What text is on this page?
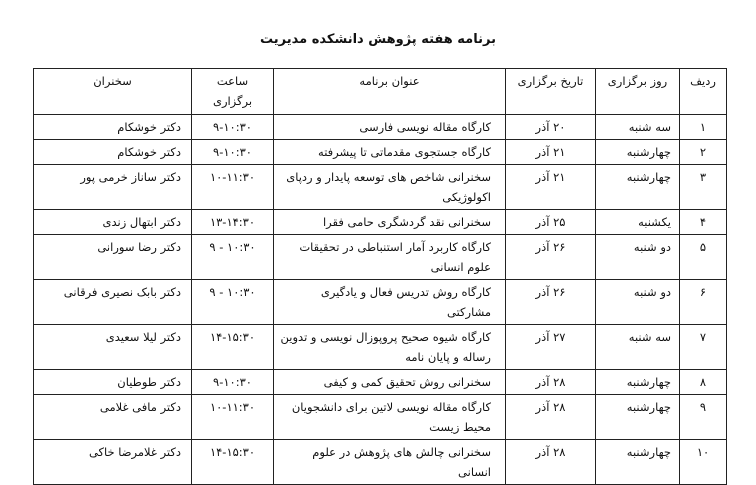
برنامه هفته پژوهش دانشکده مدیریت
ردیف	روز برگزاری	تاریخ برگزاری	عنوان برنامه	ساعت برگزاری	سخنران
۱	سه شنبه	۲۰ آذر	کارگاه مقاله نویسی فارسی	۹-۱۰:۳۰	دکتر خوشکام
۲	چهارشنبه	۲۱ آذر	کارگاه جستجوی مقدماتی تا پیشرفته	۹-۱۰:۳۰	دکتر خوشکام
۳	چهارشنبه	۲۱ آذر	سخنرانی شاخص های توسعه پایدار و ردپای اکولوژیکی	۱۰-۱۱:۳۰	دکتر ساناز خرمی پور
۴	یکشنبه	۲۵ آذر	سخنرانی نقد گردشگری حامی فقرا	۱۳-۱۴:۳۰	دکتر ابتهال زندی
۵	دو شنبه	۲۶ آذر	کارگاه کاربرد آمار استنباطی در تحقیقات علوم انسانی	۹ - ۱۰:۳۰	دکتر رضا سورانی
۶	دو شنبه	۲۶ آذر	کارگاه روش تدریس فعال و یادگیری مشارکتی	۹ - ۱۰:۳۰	دکتر بابک نصیری فرقانی
۷	سه شنبه	۲۷ آذر	کارگاه شیوه صحیح پروپوزال نویسی و تدوین رساله و پایان نامه	۱۴-۱۵:۳۰	دکتر لیلا سعیدی
۸	چهارشنبه	۲۸ آذر	سخنرانی روش تحقیق کمی و کیفی	۹-۱۰:۳۰	دکتر طوطیان
۹	چهارشنبه	۲۸ آذر	کارگاه مقاله نویسی لاتین برای دانشجویان محیط زیست	۱۰-۱۱:۳۰	دکتر مافی غلامی
۱۰	چهارشنبه	۲۸ آذر	سخنرانی چالش های پژوهش در علوم انسانی	۱۴-۱۵:۳۰	دکتر غلامرضا خاکی
